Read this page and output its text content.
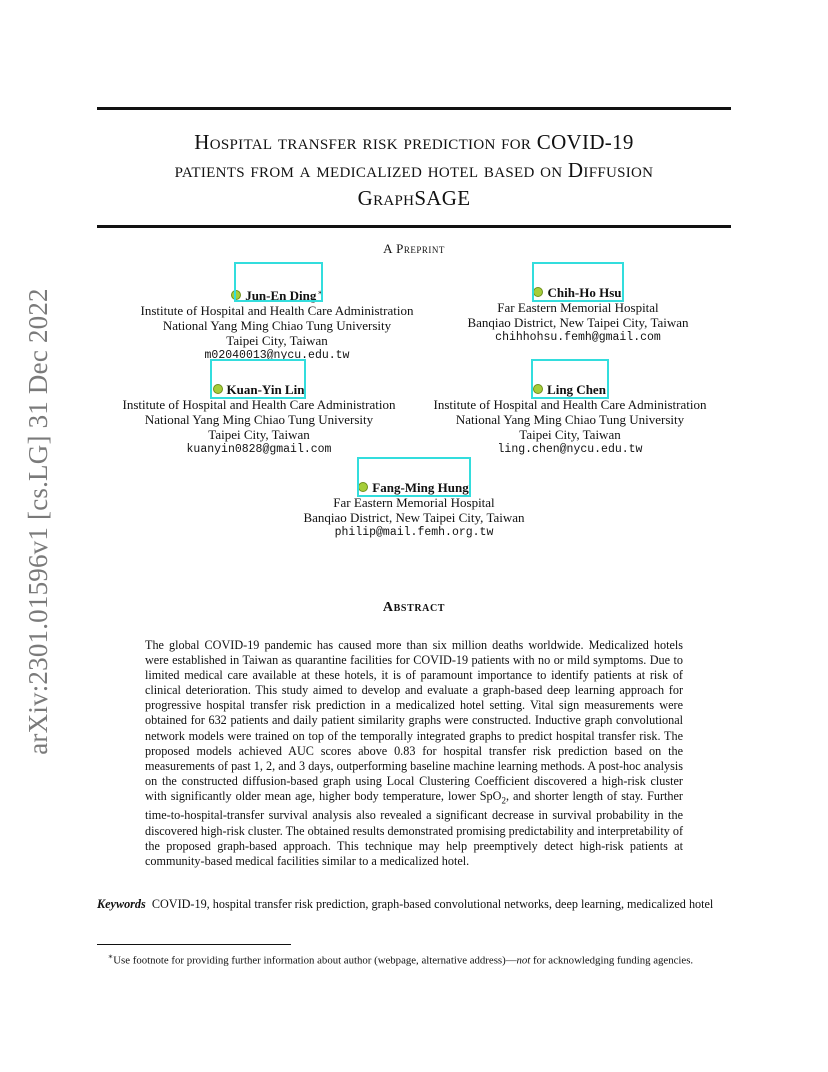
arXiv:2301.01596v1 [cs.LG] 31 Dec 2022
Hospital transfer risk prediction for COVID-19
patients from a medicalized hotel based on Diffusion
GraphSAGE
A Preprint
Jun-En Ding∗
Institute of Hospital and Health Care Administration
National Yang Ming Chiao Tung University
Taipei City, Taiwan
m02040013@nycu.edu.tw
Chih-Ho Hsu
Far Eastern Memorial Hospital
Banqiao District, New Taipei City, Taiwan
chihhohsu.femh@gmail.com
Kuan-Yin Lin
Institute of Hospital and Health Care Administration
National Yang Ming Chiao Tung University
Taipei City, Taiwan
kuanyin0828@gmail.com
Ling Chen
Institute of Hospital and Health Care Administration
National Yang Ming Chiao Tung University
Taipei City, Taiwan
ling.chen@nycu.edu.tw
Fang-Ming Hung
Far Eastern Memorial Hospital
Banqiao District, New Taipei City, Taiwan
philip@mail.femh.org.tw
Abstract
The global COVID-19 pandemic has caused more than six million deaths worldwide. Medicalized hotels were established in Taiwan as quarantine facilities for COVID-19 patients with no or mild symptoms. Due to limited medical care available at these hotels, it is of paramount importance to identify patients at risk of clinical deterioration. This study aimed to develop and evaluate a graph-based deep learning approach for progressive hospital transfer risk prediction in a medicalized hotel setting. Vital sign measurements were obtained for 632 patients and daily patient similarity graphs were constructed. Inductive graph convolutional network models were trained on top of the temporally integrated graphs to predict hospital transfer risk. The proposed models achieved AUC scores above 0.83 for hospital transfer risk prediction based on the measurements of past 1, 2, and 3 days, outperforming baseline machine learning methods. A post-hoc analysis on the constructed diffusion-based graph using Local Clustering Coefficient discovered a high-risk cluster with significantly older mean age, higher body temperature, lower SpO$_2$, and shorter length of stay. Further time-to-hospital-transfer survival analysis also revealed a significant decrease in survival probability in the discovered high-risk cluster. The obtained results demonstrated promising predictability and interpretability of the proposed graph-based approach. This technique may help preemptively detect high-risk patients at community-based medical facilities similar to a medicalized hotel.
Keywords COVID-19, hospital transfer risk prediction, graph-based convolutional networks, deep learning, medicalized hotel
∗Use footnote for providing further information about author (webpage, alternative address)—not for acknowledging funding agencies.
